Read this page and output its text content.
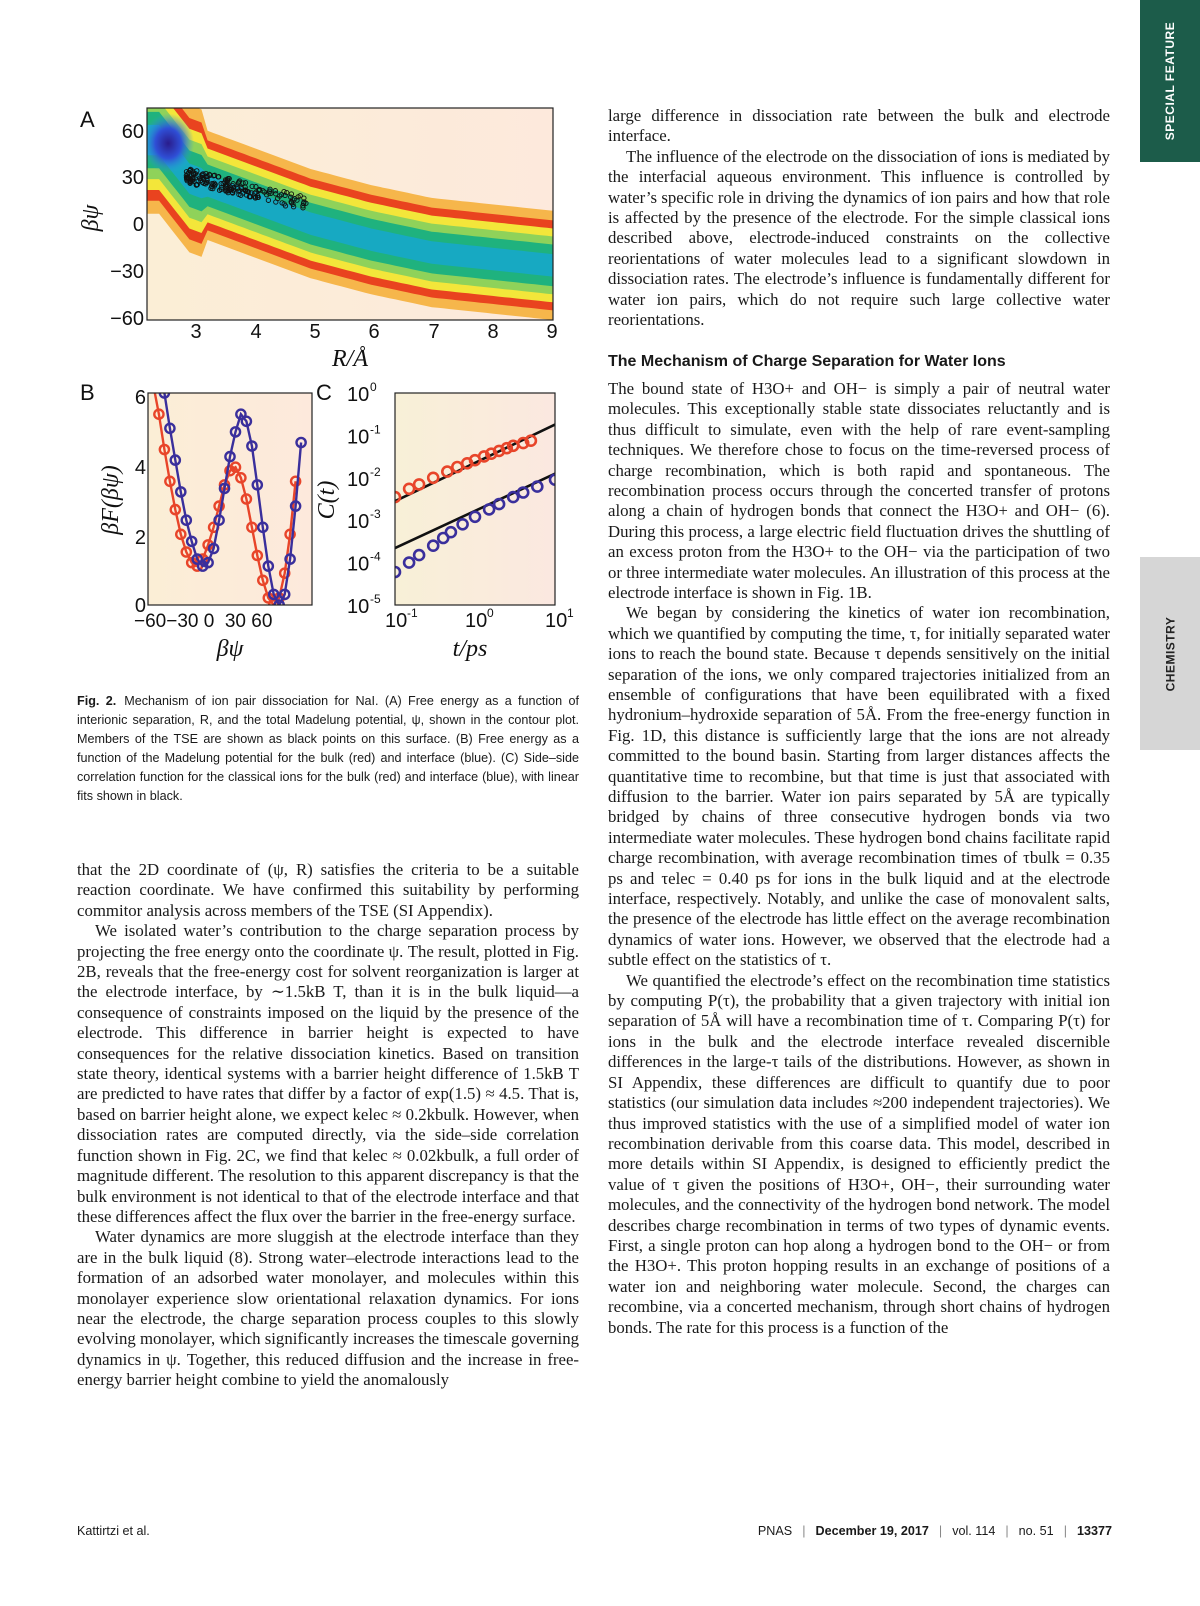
SPECIAL FEATURE
CHEMISTRY
A 60
30
0
−30
−60
3 4 5 6 7 8 9
βψ
R/Å
B 6
4
2
0
−60−30 0  30 60
βF(βψ)
βψ
C 10 0
10 -1
10 -2
10 -3
10 -4
10 -5
10 -1 10 0	10 1
C(t)
t/ps
Fig. 2. Mechanism of ion pair dissociation for NaI. (A) Free energy as a function of interionic separation, R, and the total Madelung potential, ψ, shown in the contour plot. Members of the TSE are shown as black points on this surface. (B) Free energy as a function of the Madelung potential for the bulk (red) and interface (blue). (C) Side–side correlation function for the classical ions for the bulk (red) and interface (blue), with linear fits shown in black.

that the 2D coordinate of (ψ, R) satisfies the criteria to be a suitable reaction coordinate. We have confirmed this suitability by performing commitor analysis across members of the TSE (SI Appendix).

We isolated water’s contribution to the charge separation process by projecting the free energy onto the coordinate ψ. The result, plotted in Fig. 2B, reveals that the free-energy cost for solvent reorganization is larger at the electrode interface, by ∼1.5kB T, than it is in the bulk liquid—a consequence of constraints imposed on the liquid by the presence of the electrode. This difference in barrier height is expected to have consequences for the relative dissociation kinetics. Based on transition state theory, identical systems with a barrier height difference of 1.5kB T are predicted to have rates that differ by a factor of exp(1.5) ≈ 4.5. That is, based on barrier height alone, we expect kelec ≈ 0.2kbulk. However, when dissociation rates are computed directly, via the side–side correlation function shown in Fig. 2C, we find that kelec ≈ 0.02kbulk, a full order of magnitude different. The resolution to this apparent discrepancy is that the bulk environment is not identical to that of the electrode interface and that these differences affect the flux over the barrier in the free-energy surface.

Water dynamics are more sluggish at the electrode interface than they are in the bulk liquid (8). Strong water–electrode interactions lead to the formation of an adsorbed water monolayer, and molecules within this monolayer experience slow orientational relaxation dynamics. For ions near the electrode, the charge separation process couples to this slowly evolving monolayer, which significantly increases the timescale governing dynamics in ψ. Together, this reduced diffusion and the increase in free-energy barrier height combine to yield the anomalously

large difference in dissociation rate between the bulk and electrode interface.

The influence of the electrode on the dissociation of ions is mediated by the interfacial aqueous environment. This influence is controlled by water’s specific role in driving the dynamics of ion pairs and how that role is affected by the presence of the electrode. For the simple classical ions described above, electrode-induced constraints on the collective reorientations of water molecules lead to a significant slowdown in dissociation rates. The electrode’s influence is fundamentally different for water ion pairs, which do not require such large collective water reorientations.

The Mechanism of Charge Separation for Water Ions

The bound state of H3O+ and OH− is simply a pair of neutral water molecules. This exceptionally stable state dissociates reluctantly and is thus difficult to simulate, even with the help of rare event-sampling techniques. We therefore chose to focus on the time-reversed process of charge recombination, which is both rapid and spontaneous. The recombination process occurs through the concerted transfer of protons along a chain of hydrogen bonds that connect the H3O+ and OH− (6). During this process, a large electric field fluctuation drives the shuttling of an excess proton from the H3O+ to the OH− via the participation of two or three intermediate water molecules. An illustration of this process at the electrode interface is shown in Fig. 1B.

We began by considering the kinetics of water ion recombination, which we quantified by computing the time, τ, for initially separated water ions to reach the bound state. Because τ depends sensitively on the initial separation of the ions, we only compared trajectories initialized from an ensemble of configurations that have been equilibrated with a fixed hydronium–hydroxide separation of 5Å. From the free-energy function in Fig. 1D, this distance is sufficiently large that the ions are not already committed to the bound basin. Starting from larger distances affects the quantitative time to recombine, but that time is just that associated with diffusion to the barrier. Water ion pairs separated by 5Å are typically bridged by chains of three consecutive hydrogen bonds via two intermediate water molecules. These hydrogen bond chains facilitate rapid charge recombination, with average recombination times of τbulk = 0.35 ps and τelec = 0.40 ps for ions in the bulk liquid and at the electrode interface, respectively. Notably, and unlike the case of monovalent salts, the presence of the electrode has little effect on the average recombination dynamics of water ions. However, we observed that the electrode had a subtle effect on the statistics of τ.

We quantified the electrode’s effect on the recombination time statistics by computing P(τ), the probability that a given trajectory with initial ion separation of 5Å will have a recombination time of τ. Comparing P(τ) for ions in the bulk and the electrode interface revealed discernible differences in the large-τ tails of the distributions. However, as shown in SI Appendix, these differences are difficult to quantify due to poor statistics (our simulation data includes ≈200 independent trajectories). We thus improved statistics with the use of a simplified model of water ion recombination derivable from this coarse data. This model, described in more details within SI Appendix, is designed to efficiently predict the value of τ given the positions of H3O+, OH−, their surrounding water molecules, and the connectivity of the hydrogen bond network. The model describes charge recombination in terms of two types of dynamic events. First, a single proton can hop along a hydrogen bond to the OH− or from the H3O+. This proton hopping results in an exchange of positions of a water ion and neighboring water molecule. Second, the charges can recombine, via a concerted mechanism, through short chains of hydrogen bonds. The rate for this process is a function of the

Kattirtzi et al.	PNAS | December 19, 2017 | vol. 114 | no. 51 | 13377
